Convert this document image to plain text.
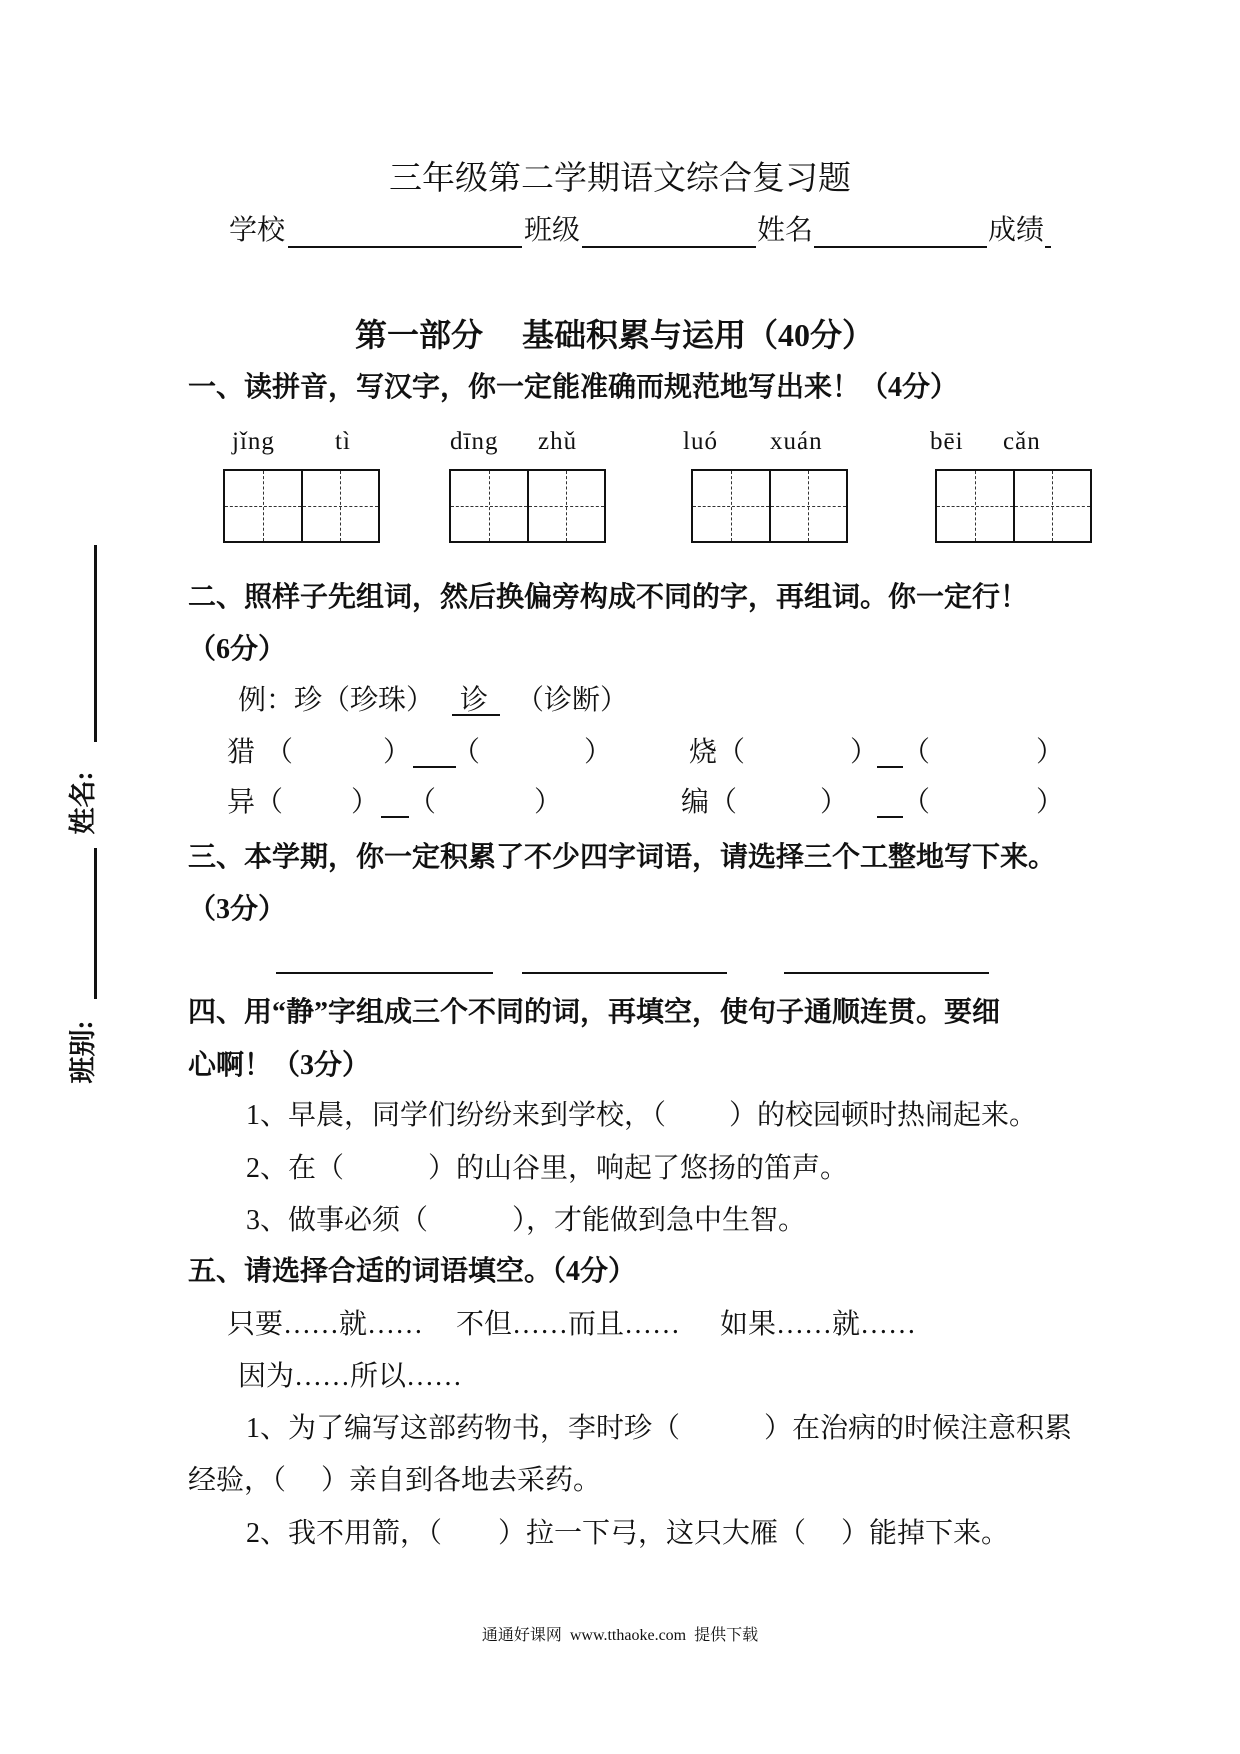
三年级第二学期语文综合复习题
学校	班级	姓名	成绩
姓名:
班别:
第一部分 基础积累与运用（40分）
一、读拼音，写汉字，你一定能准确而规范地写出来！（4分）
jǐng tì	dīng zhǔ	luó xuán	bēi cǎn
二、照样子先组词，然后换偏旁构成不同的字，再组词。你一定行！
（6分）
例：珍（珍珠） 诊 （诊断）
猎 （	） （	）	烧 （	） （	）
异 （ ） （	）	编 （	） （	）
三、本学期，你一定积累了不少四字词语，请选择三个工整地写下来。
（3分）
四、用“静”字组成三个不同的词，再填空，使句子通顺连贯。要细
心啊！（3分）
1、早晨，同学们纷纷来到学校，（　　 ）的校园顿时热闹起来。
2、在（　　　）的山谷里，响起了悠扬的笛声。
3、做事必须（　　　），才能做到急中生智。
五、请选择合适的词语填空。（4分）
只要……就…… 不但……而且…… 如果……就……
因为……所以……
1、为了编写这部药物书，李时珍（　　　）在治病的时候注意积累
经验，（　 ）亲自到各地去采药。
2、我不用箭，（　　）拉一下弓，这只大雁（　 ）能掉下来。
通通好课网 www.tthaoke.com 提供下载
